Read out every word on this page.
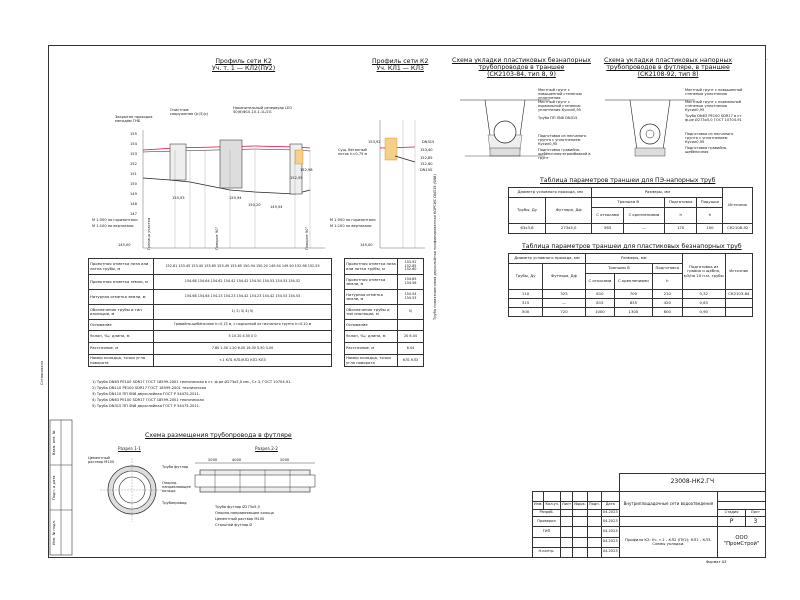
-
Согласовано
Инв. № подл.
Подп. и дата
Взам. инв. №
Профиль сети К2
Уч. т. 1 — КЛ2(ПУ2)
Закрытое проходка методом ГНБ
Очистные сооружения Qr(3)(с)
Накопительный резервуар LEO 50(6)Ф10-10-1.1L/2G
155
154
153
152
151
150
149
148
147
150,93	150,94
150,20	149,54
152,55
152,98
М 1:500 по горизонтали
М 1:100 по вертикали
145,00	Граница участка	Поворот 90°	Поворот 90°
Проектная отметка низа или лотка трубы, м	152.81 153.45 153.40 153.65 153.49 153.65 150.94 150.20 149.54 149.50 152.98 152.55		Проектная отметка низа или лотка трубы, м	153.92 152.85 152.60
Проектная отметка земли, м	154.68 154.64 154.62 154.42 154.42 154.50 154.53 154.53 154.52		Проектная отметка земли, м	154.65 154.56
Натурная отметка земли, м	154.68 154.64 154.23 154.23 154.42 154.23 154.42 154.53 154.53		Натурная отметка земли, м	154.54 154.53
Обозначение трубы и тип изоляции, м	1) 2) 3) 4) 5)		Обозначение трубы и тип изоляции, м	5)
Основание	Гравийно-щебёночное h=0,15 м, с подсыпкой из песчаного грунта h=0,10 м		Основание	
Уклон, ‰; длина, м	5 10 20 4.50 0 0		Уклон, ‰; длина, м	20 6.04
Расстояние, м	7.60 1.00 1.20 6.00 16.30 5.50 3.00		Расстояние, м	6.04
Номер колодца, точки угла поворота	т.1 КЛ1 КЛ1/КЛ2 КЛ2 КЛ3		Номер колодца, точки угла поворота	КЛ1 КЛ3
Профиль сети К2
Уч. КЛ1 — КЛ3
Сущ. бетонный лоток h=0.75 м
153,92
153,40
152,85
152,60
DN315
DN150
М 1:500 по горизонтали
М 1:100 по вертикали
145,00	Труба полиэтиленовая двухслойная профилированная КОРСИС DN315 (SN8)
1) Труба DN63 PE100 SDR17 ГОСТ 18599-2001 техническая в ст. ф-ре Ø273х5,0 мм., Ст.3, ГОСТ 10704-91.
2) Труба DN110 PE100 SDR17 ГОСТ 18599-2001 техническая
3) Труба DN110 ПП SN8 двухслойная ГОСТ Р 54475-2011.
4) Труба DN63 PE100 SDR17 ГОСТ 18599-2001 техническая
5) Труба DN315 ПП SN8 двухслойная ГОСТ Р 54475-2011.
Схема укладки пластиковых безнапорных
трубопроводов в траншее
(СК2103-84, тип 8, 9)
Местный грунт с повышенной степенью уплотнения
Местный грунт с нормальной степенью уплотнения Кусил0,95
Труба ПП SN8 DN315
Подготовка из песчаного грунта с уплотнением Кусил0,95
Подготовка гравийно-щебёночная втрамбовкой в грунт
Схема укладки пластиковых напорных
трубопроводов в футляре, в траншее
(СК2108-92, тип 8)
Местный грунт с повышенной степенью уплотнения
Местный грунт с нормальной степенью уплотнения Кусил0,95
Труба DN63 PE100 SDR17 в ст. ф-ре Ø273х5,0 ГОСТ 10704-91
Подготовка из песчаного грунта с уплотнением Кусил0,95
Подготовка гравийно-щебёночная
Таблица параметров траншеи для ПЭ-напорных труб
Диаметр условного прохода, мм		Размеры, мм				Источник
Трубы, Ду	Футляра, Дф	Траншеи В		Подготовка	Подушки	
		С откосами	С креплениями	h	h	
63х3,8	273х5,0	565	—	170	150	СК2108-92
Таблица параметров траншеи для пластиковых безнапорных труб
Диаметр условного прохода, мм		Размеры, мм			Подготовка из гравия и щебня, м3/на 10 п.м. трубы	Источник
Трубы, Ду	Футляра, Дф	Траншеи В		Подготовка		
		С откосами	С креплениями	h		
110	325	610	700	210	0,32	СК2103-84
315	—	815	835	420	0,63	
500	720	1000	1300	600	0,90	
Схема размещения трубопровода в футляре
Разрез 1-1	Разрез 2-2
Цементный раствор М100
Труба футляр
Опорно-направляющее кольцо
Трубопровод
4000
2000	2000
Труба футляр Ø273х5,0
Опорно-направляющее кольцо
Цементный раствор М100
Стальной футляр Ø
						23008-НК2.ГЧ		
						Внутриплощадочные сети водоотведения		
Изм.	Кол.уч.	Лист	№док.	Подп.	Дата			
Разраб.					04.2023		Стадия	Лист
Проверил					04.2023		Р	3
ГИП					04.2023	Профиля К2: Уч. т.1 - КЛ2 (ПУ2); КЛ1 - КЛ3. Схемы укладки.	ООО "ПромСтрой"	
					04.2023			
Н.контр.					04.2023			
Формат А3
